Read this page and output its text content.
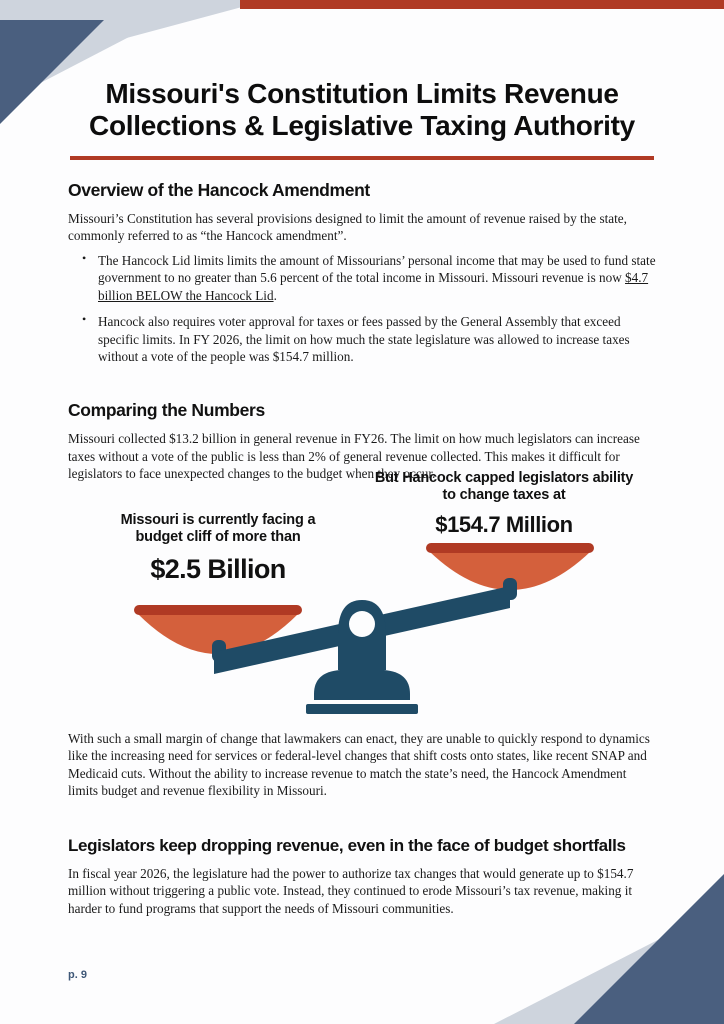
Missouri's Constitution Limits Revenue
Collections & Legislative Taxing Authority
Overview of the Hancock Amendment

Missouri’s Constitution has several provisions designed to limit the amount of revenue raised by the state, commonly referred to as “the Hancock amendment”.

• The Hancock Lid limits limits the amount of Missourians’ personal income that may be used to fund state government to no greater than 5.6 percent of the total income in Missouri. Missouri revenue is now $4.7 billion BELOW the Hancock Lid.
• Hancock also requires voter approval for taxes or fees passed by the General Assembly that exceed specific limits. In FY 2026, the limit on how much the state legislature was allowed to increase taxes without a vote of the people was $154.7 million.
Comparing the Numbers

Missouri collected $13.2 billion in general revenue in FY26. The limit on how much legislators can increase taxes without a vote of the public is less than 2% of general revenue collected. This makes it difficult for legislators to face unexpected changes to the budget when they occur.

Missouri is currently facing a budget cliff of more than
$2.5 Billion
But Hancock capped legislators ability to change taxes at
$154.7 Million

With such a small margin of change that lawmakers can enact, they are unable to quickly respond to dynamics like the increasing need for services or federal-level changes that shift costs onto states, like recent SNAP and Medicaid cuts. Without the ability to increase revenue to match the state’s need, the Hancock Amendment limits budget and revenue flexibility in Missouri.

Legislators keep dropping revenue, even in the face of budget shortfalls

In fiscal year 2026, the legislature had the power to authorize tax changes that would generate up to $154.7 million without triggering a public vote. Instead, they continued to erode Missouri’s tax revenue, making it harder to fund programs that support the needs of Missouri communities.

p. 9
